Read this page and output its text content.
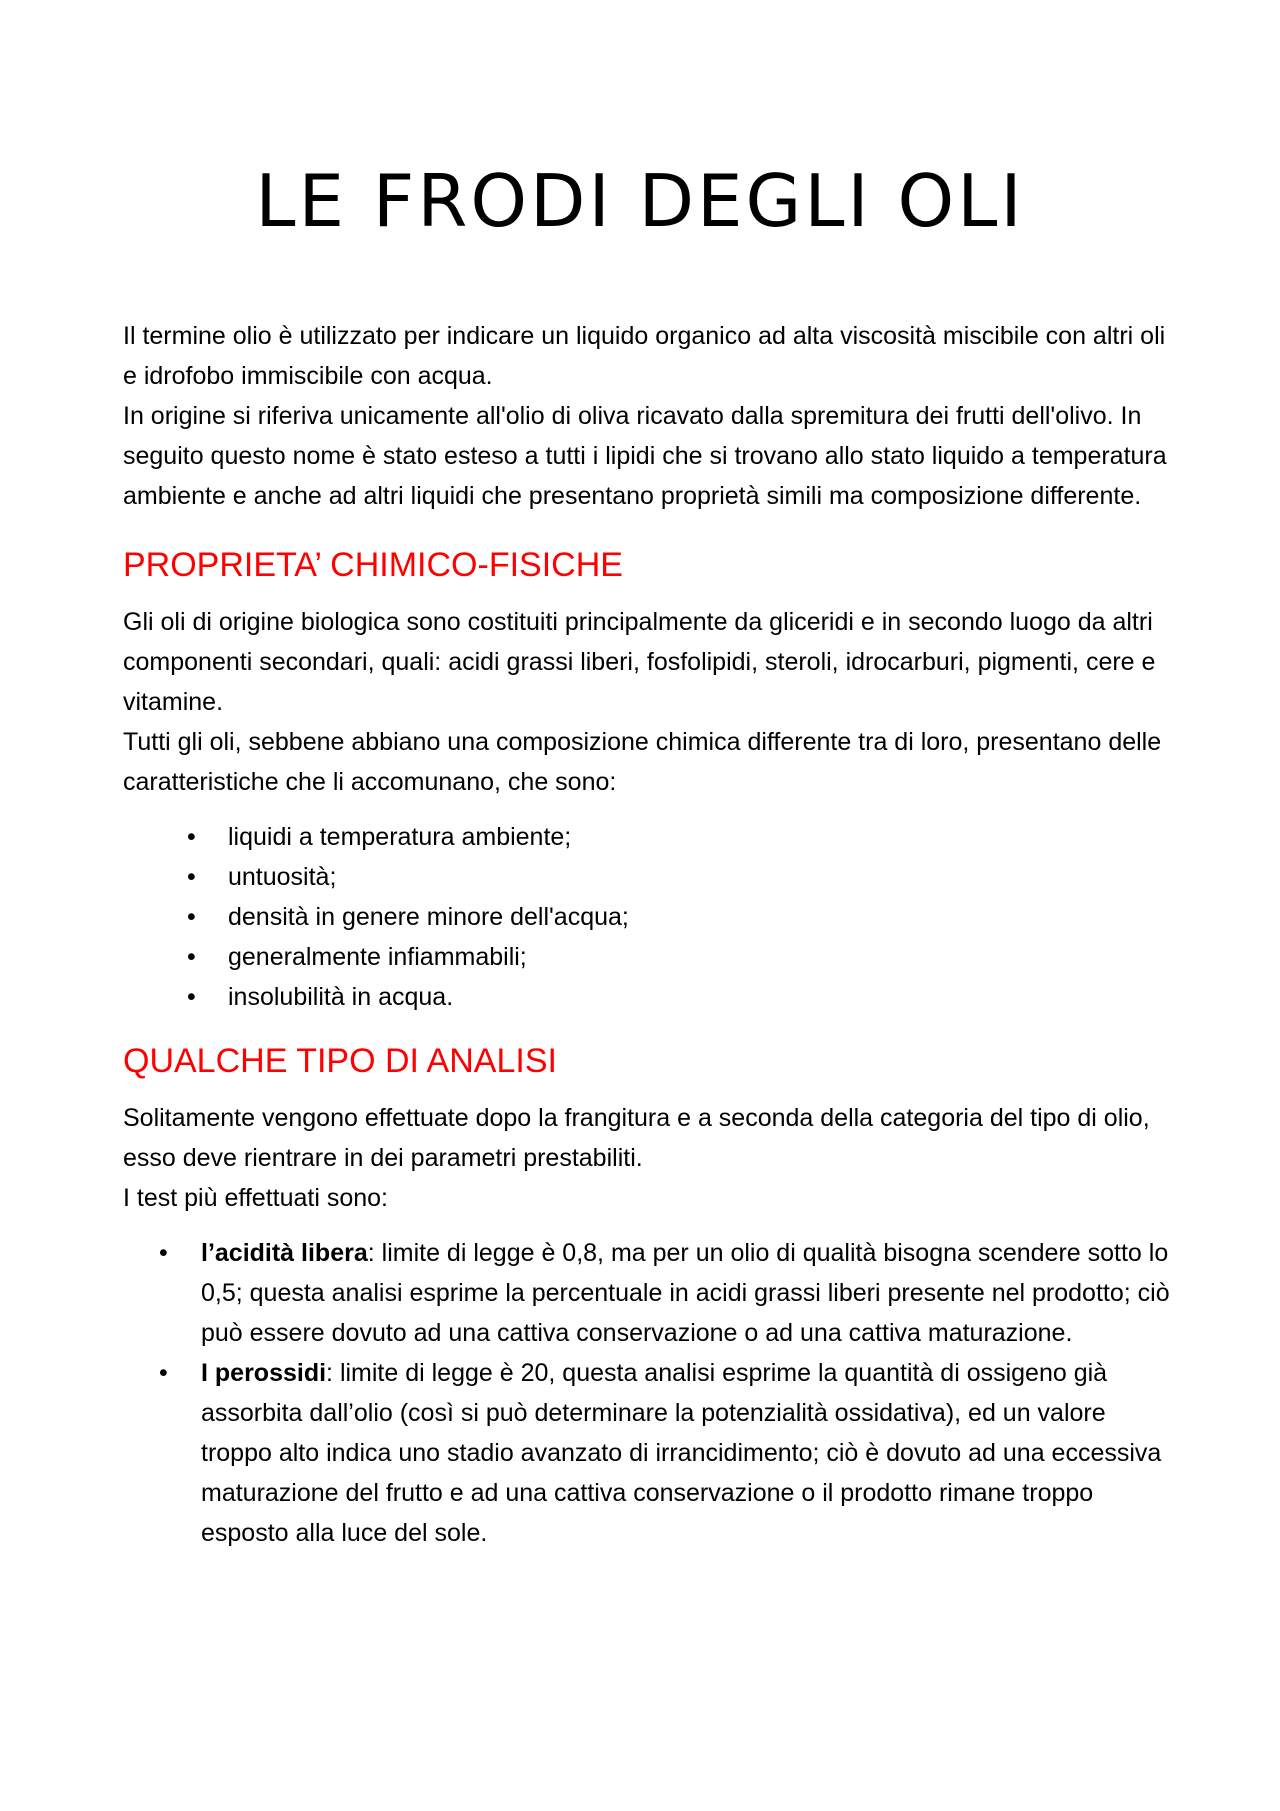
LE FRODI DEGLI OLI

Il termine olio è utilizzato per indicare un liquido organico ad alta viscosità miscibile con altri oli e idrofobo immiscibile con acqua.

In origine si riferiva unicamente all'olio di oliva ricavato dalla spremitura dei frutti dell'olivo. In seguito questo nome è stato esteso a tutti i lipidi che si trovano allo stato liquido a temperatura ambiente e anche ad altri liquidi che presentano proprietà simili ma composizione differente.

PROPRIETA’ CHIMICO-FISICHE

Gli oli di origine biologica sono costituiti principalmente da gliceridi e in secondo luogo da altri componenti secondari, quali: acidi grassi liberi, fosfolipidi, steroli, idrocarburi, pigmenti, cere e vitamine.

Tutti gli oli, sebbene abbiano una composizione chimica differente tra di loro, presentano delle caratteristiche che li accomunano, che sono:

• liquidi a temperatura ambiente;
• untuosità;
• densità in genere minore dell'acqua;
• generalmente infiammabili;
• insolubilità in acqua.
QUALCHE TIPO DI ANALISI

Solitamente vengono effettuate dopo la frangitura e a seconda della categoria del tipo di olio, esso deve rientrare in dei parametri prestabiliti.

I test più effettuati sono:

• l’acidità libera: limite di legge è 0,8, ma per un olio di qualità bisogna scendere sotto lo 0,5; questa analisi esprime la percentuale in acidi grassi liberi presente nel prodotto; ciò può essere dovuto ad una cattiva conservazione o ad una cattiva maturazione.
• I perossidi: limite di legge è 20, questa analisi esprime la quantità di ossigeno già assorbita dall’olio (così si può determinare la potenzialità ossidativa), ed un valore troppo alto indica uno stadio avanzato di irrancidimento; ciò è dovuto ad una eccessiva maturazione del frutto e ad una cattiva conservazione o il prodotto rimane troppo esposto alla luce del sole.
